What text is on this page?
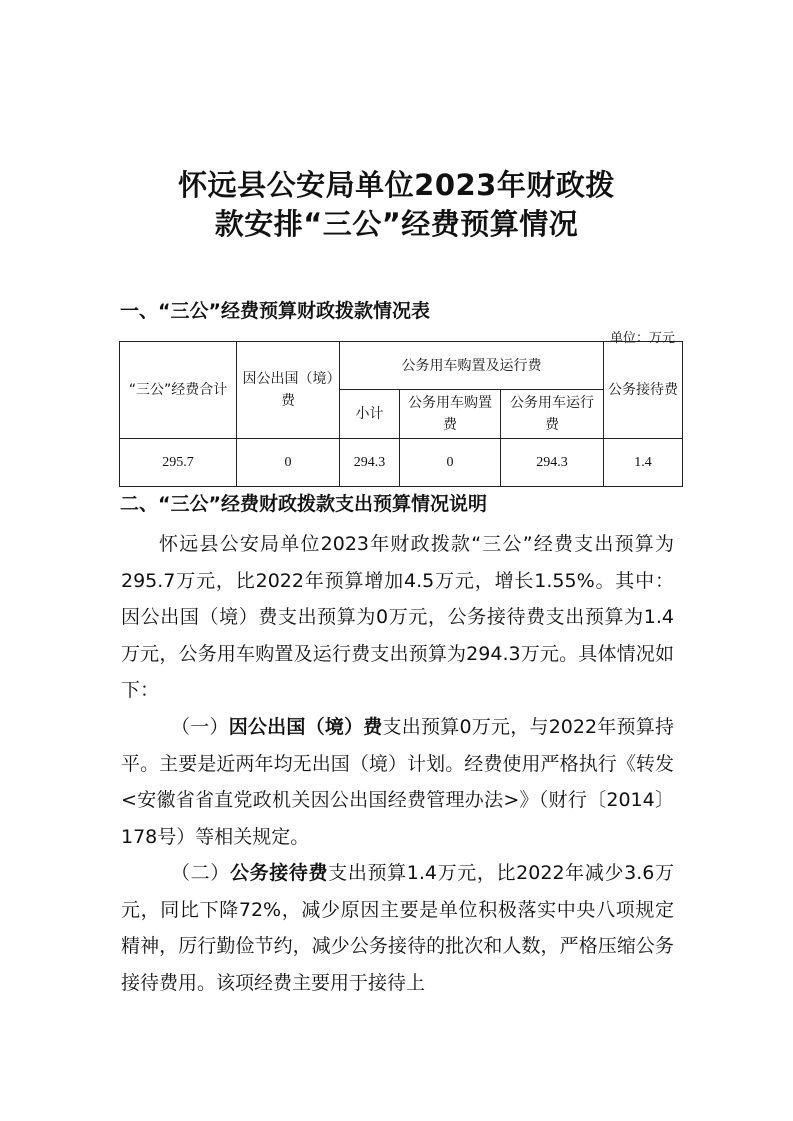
怀远县公安局单位2023年财政拨
款安排“三公”经费预算情况
一、“三公”经费预算财政拨款情况表
单位：万元
“三公”经费合计	因公出国（境）费	公务用车购置及运行费			公务接待费
		小计	公务用车购置费	公务用车运行费	
295.7	0	294.3	0	294.3	1.4
二、“三公”经费财政拨款支出预算情况说明

怀远县公安局单位2023年财政拨款“三公”经费支出预算为295.7万元，比2022年预算增加4.5万元，增长1.55%。其中：因公出国（境）费支出预算为0万元，公务接待费支出预算为1.4万元，公务用车购置及运行费支出预算为294.3万元。具体情况如下：

（一）因公出国（境）费支出预算0万元，与2022年预算持平。主要是近两年均无出国（境）计划。经费使用严格执行《转发<安徽省省直党政机关因公出国经费管理办法>》（财行〔2014〕178号）等相关规定。

（二）公务接待费支出预算1.4万元，比2022年减少3.6万元，同比下降72%，减少原因主要是单位积极落实中央八项规定精神，厉行勤俭节约，减少公务接待的批次和人数，严格压缩公务接待费用。该项经费主要用于接待上
